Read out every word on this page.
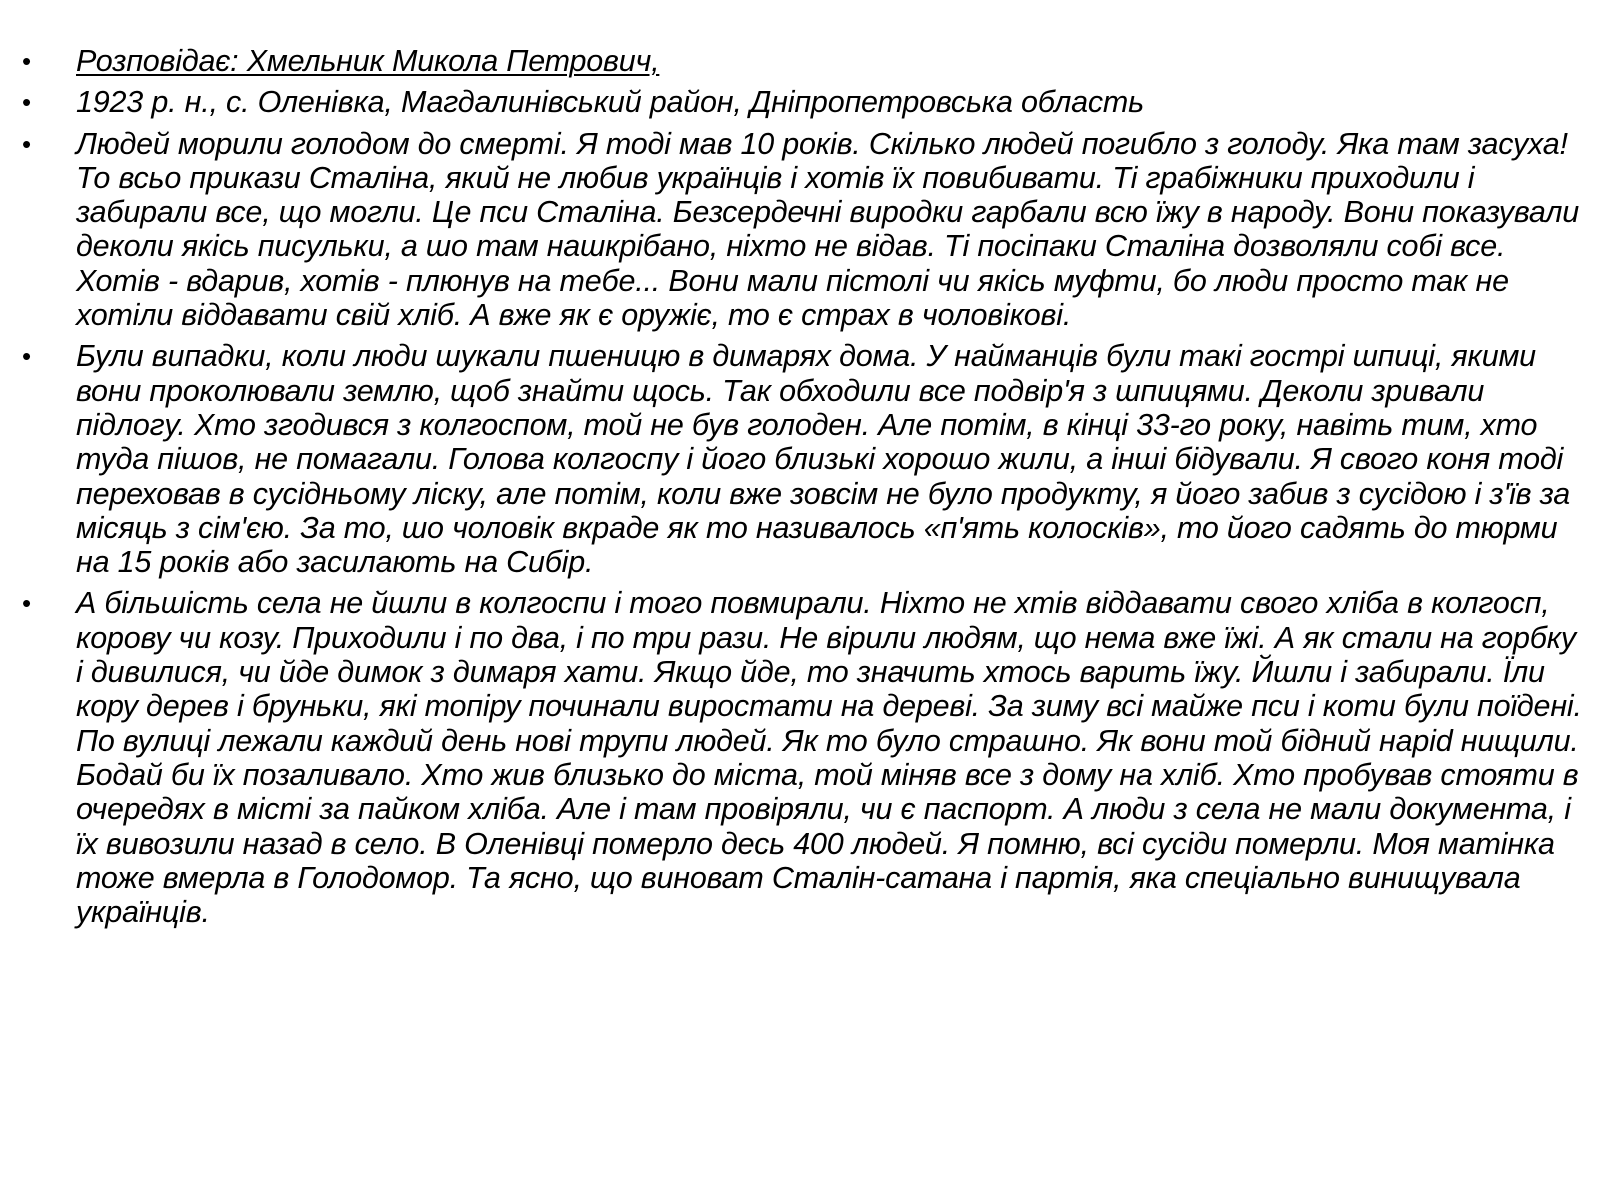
• Розповідає: Хмельник Микола Петрович,
• 1923 р. н., с. Оленівка, Магдалинівський район, Дніпропетровська область
• Людей морили голодом до смерті. Я тоді мав 10 років. Скілько людей погибло з голоду. Яка там засуха! То всьо прикази Сталіна, який не любив українців і хотів їх повибивати. Ті грабіжники приходили і забирали все, що могли. Це пси Сталіна. Безсердечні виродки гарбали всю їжу в народу. Вони показували деколи якісь писульки, а шо там нашкрібано, ніхто не відав. Ті посіпаки Сталіна дозволяли собі все. Хотів - вдарив, хотів - плюнув на тебе... Вони мали пістолі чи якісь муфти, бо люди просто так не хотіли віддавати свій хліб. А вже як є оружіє, то є страх в чоловікові.
• Були випадки, коли люди шукали пшеницю в димарях дома. У найманців були такі гострі шпиці, якими вони проколювали землю, щоб знайти щось. Так обходили все подвір'я з шпицями. Деколи зривали підлогу. Хто згодився з колгоспом, той не був голоден. Але потім, в кінці 33-го року, навіть тим, хто туда пішов, не помагали. Голова колгоспу і його близькі хорошо жили, а інші бідували. Я свого коня тоді переховав в сусідньому ліску, але потім, коли вже зовсім не було продукту, я його забив з сусідою і з'їв за місяць з сім'єю. За то, шо чоловік вкраде як то називалось «п'ять колосків», то його садять до тюрми на 15 років або засилають на Сибір.
• А більшість села не йшли в колгоспи і того повмирали. Ніхто не хтів віддавати свого хліба в колгосп, корову чи козу. Приходили і по два, і по три рази. Не вірили людям, що нема вже їжі. А як стали на горбку і дивилися, чи йде димок з димаря хати. Якщо йде, то значить хтось варить їжу. Йшли і забирали. Їли кору дерев і бруньки, які топіру починали виростати на дереві. За зиму всі майже пси і коти були поїдені. По вулиці лежали каждий день нові трупи людей. Як то було страшно. Як вони той бідний наріd нищили. Бодай би їх позаливало. Хто жив близько до міста, той міняв все з дому на хліб. Хто пробував стояти в очередях в місті за пайком хліба. Але і там провіряли, чи є паспорт. А люди з села не мали документа, і їх вивозили назад в село. В Оленівці померло десь 400 людей. Я помню, всі сусіди померли. Моя матінка тоже вмерла в Голодомор. Та ясно, що виноват Сталін-сатана і партія, яка спеціально винищувала українців.
